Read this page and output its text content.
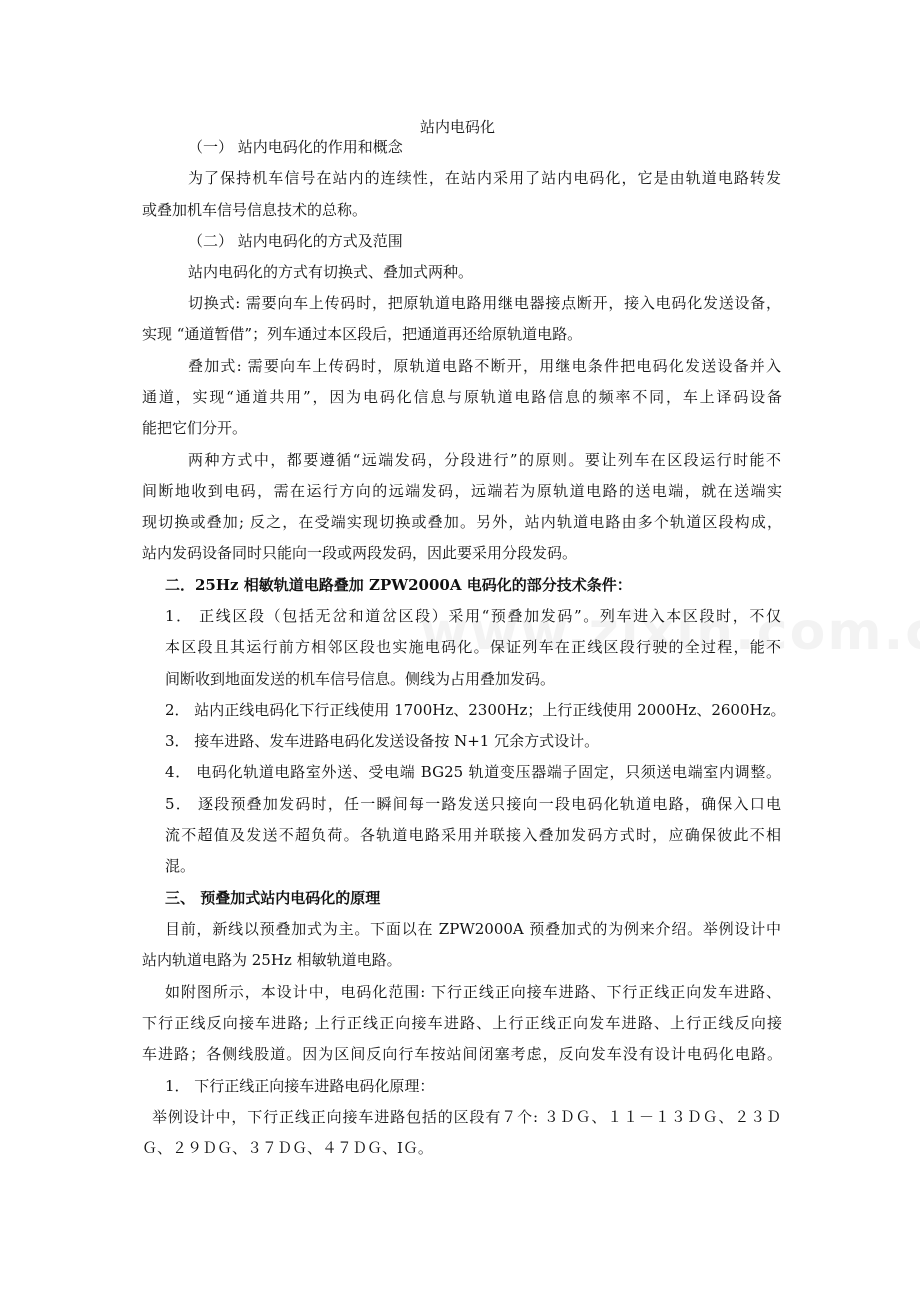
站内电码化
（一） 站内电码化的作用和概念
为了保持机车信号在站内的连续性，在站内采用了站内电码化，它是由轨道电路转发
或叠加机车信号信息技术的总称。
（二） 站内电码化的方式及范围
站内电码化的方式有切换式、叠加式两种。
切换式: 需要向车上传码时，把原轨道电路用继电器接点断开，接入电码化发送设备，
实现 “通道暂借”；列车通过本区段后，把通道再还给原轨道电路。
叠加式: 需要向车上传码时，原轨道电路不断开，用继电条件把电码化发送设备并入
通道，实现“通道共用”，因为电码化信息与原轨道电路信息的频率不同，车上译码设备
能把它们分开。
两种方式中，都要遵循“远端发码，分段进行”的原则。要让列车在区段运行时能不
间断地收到电码，需在运行方向的远端发码，远端若为原轨道电路的送电端，就在送端实
现切换或叠加; 反之，在受端实现切换或叠加。另外，站内轨道电路由多个轨道区段构成，
站内发码设备同时只能向一段或两段发码，因此要采用分段发码。
二．25Hz 相敏轨道电路叠加 ZPW2000A 电码化的部分技术条件：
1． 正线区段（包括无岔和道岔区段）采用“预叠加发码”。列车进入本区段时，不仅
本区段且其运行前方相邻区段也实施电码化。保证列车在正线区段行驶的全过程，能不
间断收到地面发送的机车信号信息。侧线为占用叠加发码。
2． 站内正线电码化下行正线使用 1700Hz、2300Hz；上行正线使用 2000Hz、2600Hz。
3． 接车进路、发车进路电码化发送设备按 N+1 冗余方式设计。
4． 电码化轨道电路室外送、受电端 BG25 轨道变压器端子固定，只须送电端室内调整。
5． 逐段预叠加发码时，任一瞬间每一路发送只接向一段电码化轨道电路，确保入口电
流不超值及发送不超负荷。各轨道电路采用并联接入叠加发码方式时，应确保彼此不相
混。
三、 预叠加式站内电码化的原理
目前，新线以预叠加式为主。下面以在 ZPW2000A 预叠加式的为例来介绍。举例设计中
站内轨道电路为 25Hz 相敏轨道电路。
如附图所示，本设计中，电码化范围: 下行正线正向接车进路、下行正线正向发车进路、
下行正线反向接车进路; 上行正线正向接车进路、上行正线正向发车进路、上行正线反向接
车进路；各侧线股道。因为区间反向行车按站间闭塞考虑，反向发车没有设计电码化电路。
1． 下行正线正向接车进路电码化原理：
举例设计中，下行正线正向接车进路包括的区段有７个: ３ＤＧ、１１－１３ＤＧ、２３Ｄ
Ｇ、２９ＤＧ、３７ＤＧ、４７ＤＧ、ⅠＧ。
